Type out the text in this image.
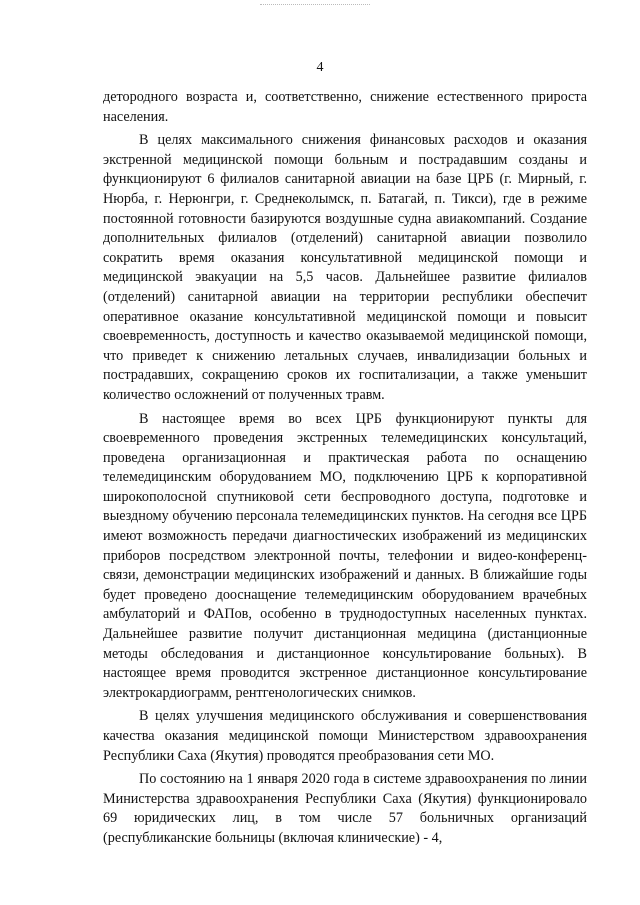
4

детородного возраста и, соответственно, снижение естественного прироста населения.

В целях максимального снижения финансовых расходов и оказания экстренной медицинской помощи больным и пострадавшим созданы и функционируют 6 филиалов санитарной авиации на базе ЦРБ (г. Мирный, г. Нюрба, г. Нерюнгри, г. Среднеколымск, п. Батагай, п. Тикси), где в режиме постоянной готовности базируются воздушные судна авиакомпаний. Создание дополнительных филиалов (отделений) санитарной авиации позволило сократить время оказания консультативной медицинской помощи и медицинской эвакуации на 5,5 часов. Дальнейшее развитие филиалов (отделений) санитарной авиации на территории республики обеспечит оперативное оказание консультативной медицинской помощи и повысит своевременность, доступность и качество оказываемой медицинской помощи, что приведет к снижению летальных случаев, инвалидизации больных и пострадавших, сокращению сроков их госпитализации, а также уменьшит количество осложнений от полученных травм.

В настоящее время во всех ЦРБ функционируют пункты для своевременного проведения экстренных телемедицинских консультаций, проведена организационная и практическая работа по оснащению телемедицинским оборудованием МО, подключению ЦРБ к корпоративной широкополосной спутниковой сети беспроводного доступа, подготовке и выездному обучению персонала телемедицинских пунктов. На сегодня все ЦРБ имеют возможность передачи диагностических изображений из медицинских приборов посредством электронной почты, телефонии и видео-конференц-связи, демонстрации медицинских изображений и данных. В ближайшие годы будет проведено дооснащение телемедицинским оборудованием врачебных амбулаторий и ФАПов, особенно в труднодоступных населенных пунктах. Дальнейшее развитие получит дистанционная медицина (дистанционные методы обследования и дистанционное консультирование больных). В настоящее время проводится экстренное дистанционное консультирование электрокардиограмм, рентгенологических снимков.

В целях улучшения медицинского обслуживания и совершенствования качества оказания медицинской помощи Министерством здравоохранения Республики Саха (Якутия) проводятся преобразования сети МО.

По состоянию на 1 января 2020 года в системе здравоохранения по линии Министерства здравоохранения Республики Саха (Якутия) функционировало 69 юридических лиц, в том числе 57 больничных организаций (республиканские больницы (включая клинические) - 4,
